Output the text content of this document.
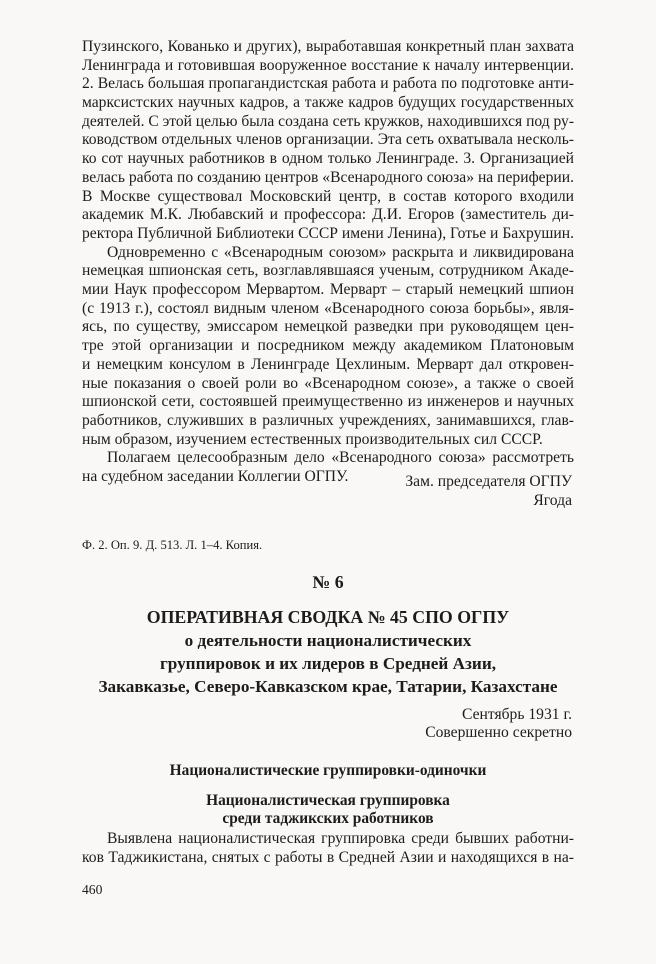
Пузинского, Кованько и других), выработавшая конкретный план захвата
Ленинграда и готовившая вооруженное восстание к началу интервенции.
2. Велась большая пропагандистская работа и работа по подготовке анти-
марксистских научных кадров, а также кадров будущих государственных
деятелей. С этой целью была создана сеть кружков, находившихся под ру-
ководством отдельных членов организации. Эта сеть охватывала несколь-
ко сот научных работников в одном только Ленинграде. 3. Организацией
велась работа по созданию центров «Всенародного союза» на периферии.
В Москве существовал Московский центр, в состав которого входили
академик М.К. Любавский и профессора: Д.И. Егоров (заместитель ди-
ректора Публичной Библиотеки СССР имени Ленина), Готье и Бахрушин.
Одновременно с «Всенародным союзом» раскрыта и ликвидирована
немецкая шпионская сеть, возглавлявшаяся ученым, сотрудником Акаде-
мии Наук профессором Мервартом. Мерварт – старый немецкий шпион
(с 1913 г.), состоял видным членом «Всенародного союза борьбы», явля-
ясь, по существу, эмиссаром немецкой разведки при руководящем цен-
тре этой организации и посредником между академиком Платоновым
и немецким консулом в Ленинграде Цехлиным. Мерварт дал откровен-
ные показания о своей роли во «Всенародном союзе», а также о своей
шпионской сети, состоявшей преимущественно из инженеров и научных
работников, служивших в различных учреждениях, занимавшихся, глав-
ным образом, изучением естественных производительных сил СССР.
Полагаем целесообразным дело «Всенародного союза» рассмотреть
на судебном заседании Коллегии ОГПУ.	Зам. председателя ОГПУ
Ягода
Ф. 2. Оп. 9. Д. 513. Л. 1–4. Копия.
№ 6
ОПЕРАТИВНАЯ СВОДКА № 45 СПО ОГПУ
о деятельности националистических
группировок и их лидеров в Средней Азии,
Закавказье, Северо-Кавказском крае, Татарии, Казахстане
Сентябрь 1931 г.
Совершенно секретно
Националистические группировки-одиночки
Националистическая группировка
среди таджикских работников
Выявлена националистическая группировка среди бывших работни-
ков Таджикистана, снятых с работы в Средней Азии и находящихся в на-
460
